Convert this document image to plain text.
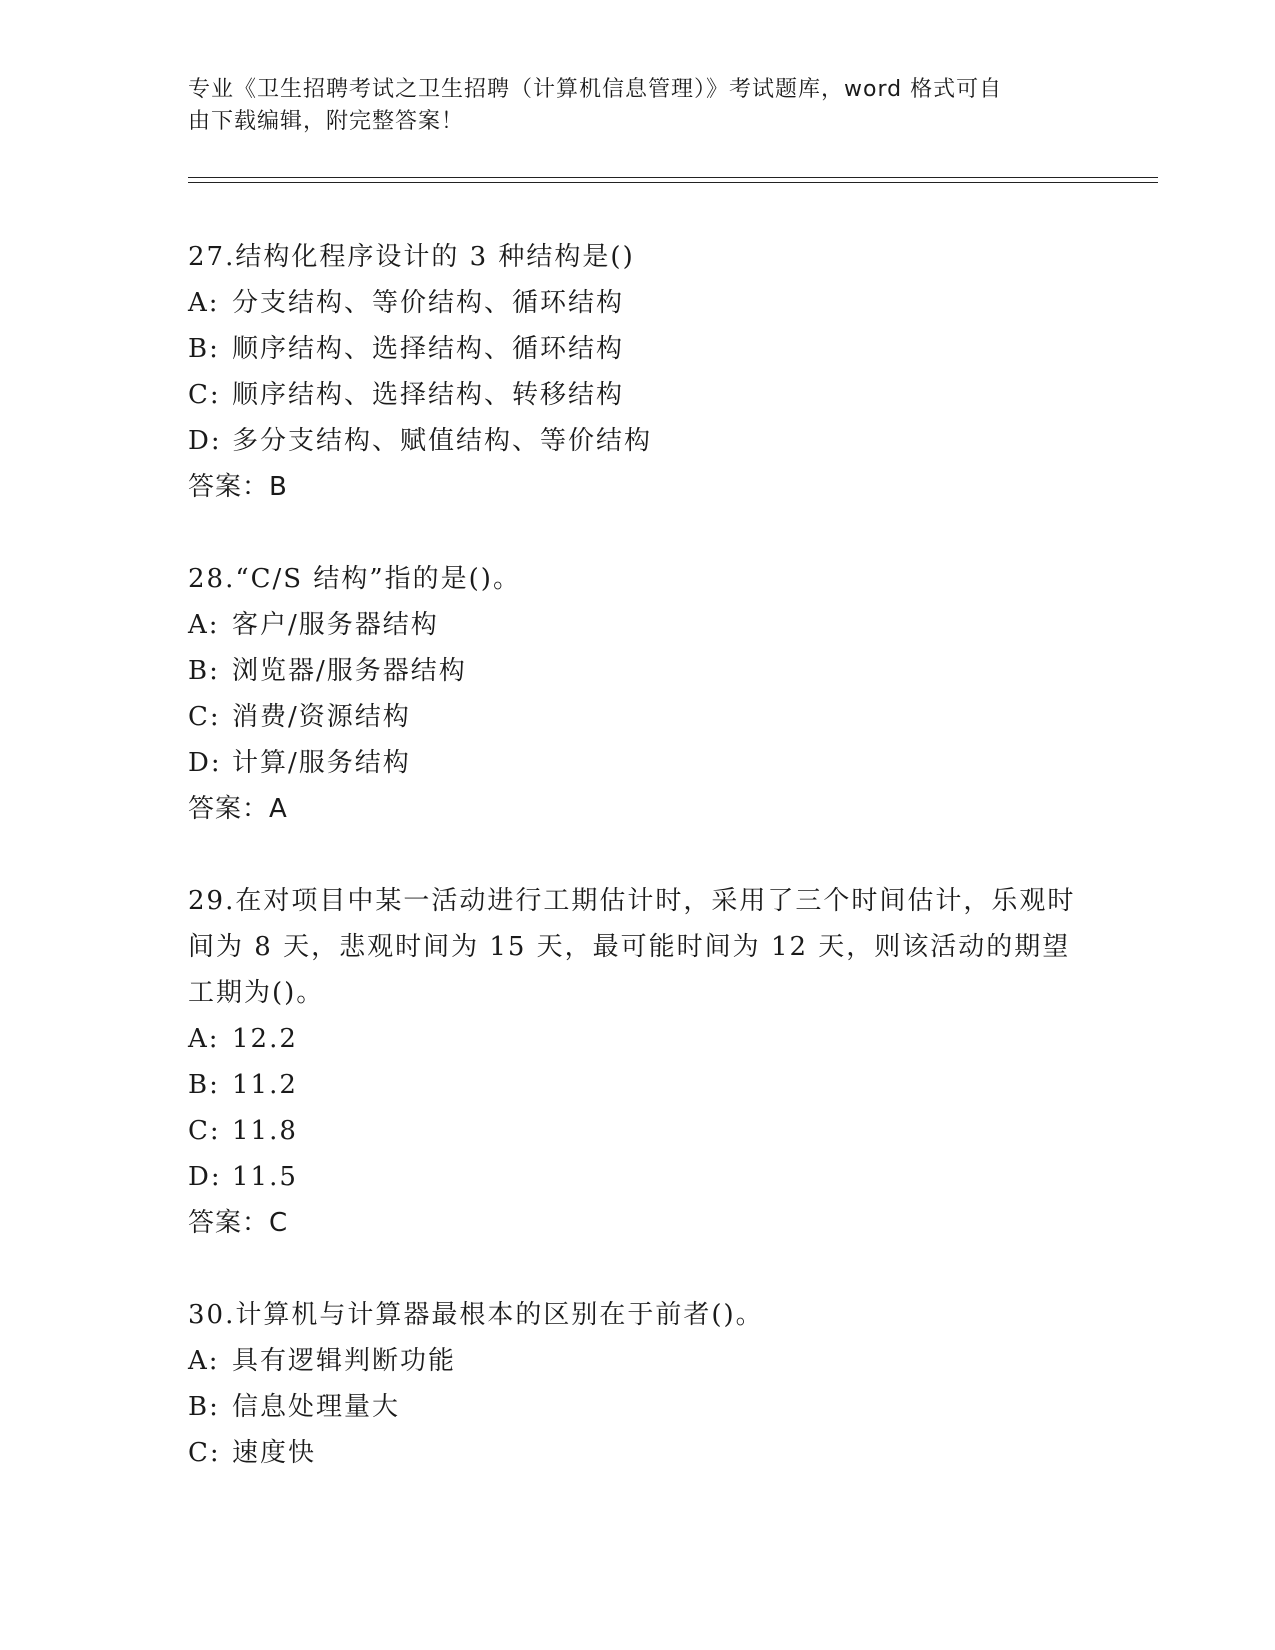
专业《卫生招聘考试之卫生招聘（计算机信息管理）》考试题库，word 格式可自
由下载编辑，附完整答案！

27.结构化程序设计的 3 种结构是()

A: 分支结构、等价结构、循环结构

B: 顺序结构、选择结构、循环结构

C: 顺序结构、选择结构、转移结构

D: 多分支结构、赋值结构、等价结构

答案：B

28.“C/S 结构”指的是()。

A: 客户/服务器结构

B: 浏览器/服务器结构

C: 消费/资源结构

D: 计算/服务结构

答案：A

29.在对项目中某一活动进行工期估计时，采用了三个时间估计，乐观时间为 8 天，悲观时间为 15 天，最可能时间为 12 天，则该活动的期望工期为()。

A: 12.2

B: 11.2

C: 11.8

D: 11.5

答案：C

30.计算机与计算器最根本的区别在于前者()。

A: 具有逻辑判断功能

B: 信息处理量大

C: 速度快
